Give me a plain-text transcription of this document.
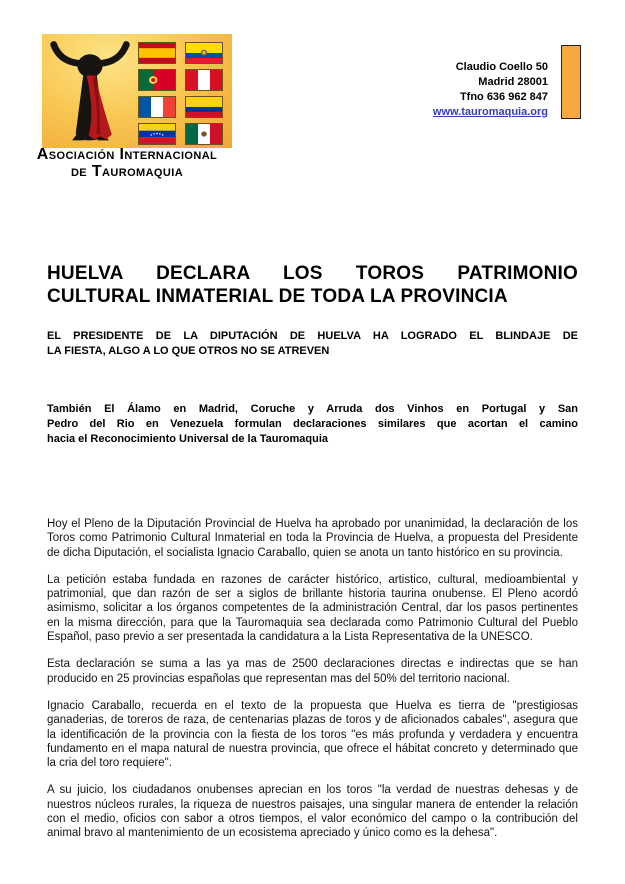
Asociación Internacional
de Tauromaquia
Claudio Coello 50
Madrid 28001
Tfno 636 962 847
www.tauromaquia.org
HUELVA DECLARA LOS TOROS PATRIMONIO
CULTURAL INMATERIAL DE TODA LA PROVINCIA
EL PRESIDENTE DE LA DIPUTACIÓN DE HUELVA HA LOGRADO EL BLINDAJE DE
LA FIESTA, ALGO A LO QUE OTROS NO SE ATREVEN
También El Álamo en Madrid, Coruche y Arruda dos Vinhos en Portugal y San
Pedro del Rio en Venezuela formulan declaraciones similares que acortan el camino
hacia el Reconocimiento Universal de la Tauromaquia

Hoy el Pleno de la Diputación Provincial de Huelva ha aprobado por unanimidad, la declaración de los Toros como Patrimonio Cultural Inmaterial en toda la Provincia de Huelva, a propuesta del Presidente de dicha Diputación, el socialista Ignacio Caraballo, quien se anota un tanto histórico en su provincia.

La petición estaba fundada en razones de carácter histórico, artistico, cultural, medioambiental y patrimonial, que dan razón de ser a siglos de brillante historia taurina onubense. El Pleno acordó asimismo, solicitar a los órganos competentes de la administración Central, dar los pasos pertinentes en la misma dirección, para que la Tauromaquia sea declarada como Patrimonio Cultural del Pueblo Español, paso previo a ser presentada la candidatura a la Lista Representativa de la UNESCO.

Esta declaración se suma a las ya mas de 2500 declaraciones directas e indirectas que se han producido en 25 provincias españolas que representan mas del 50% del territorio nacional.

Ignacio Caraballo, recuerda en el texto de la propuesta que Huelva es tierra de "prestigiosas ganaderias, de toreros de raza, de centenarias plazas de toros y de aficionados cabales", asegura que la identificación de la provincia con la fiesta de los toros "es más profunda y verdadera y encuentra fundamento en el mapa natural de nuestra provincia, que ofrece el hábitat concreto y determinado que la cria del toro requiere".

A su juicio, los ciudadanos onubenses aprecian en los toros "la verdad de nuestras dehesas y de nuestros núcleos rurales, la riqueza de nuestros paisajes, una singular manera de entender la relación con el medio, oficios con sabor a otros tiempos, el valor económico del campo o la contribución del animal bravo al mantenimiento de un ecosistema apreciado y único como es la dehesa".
